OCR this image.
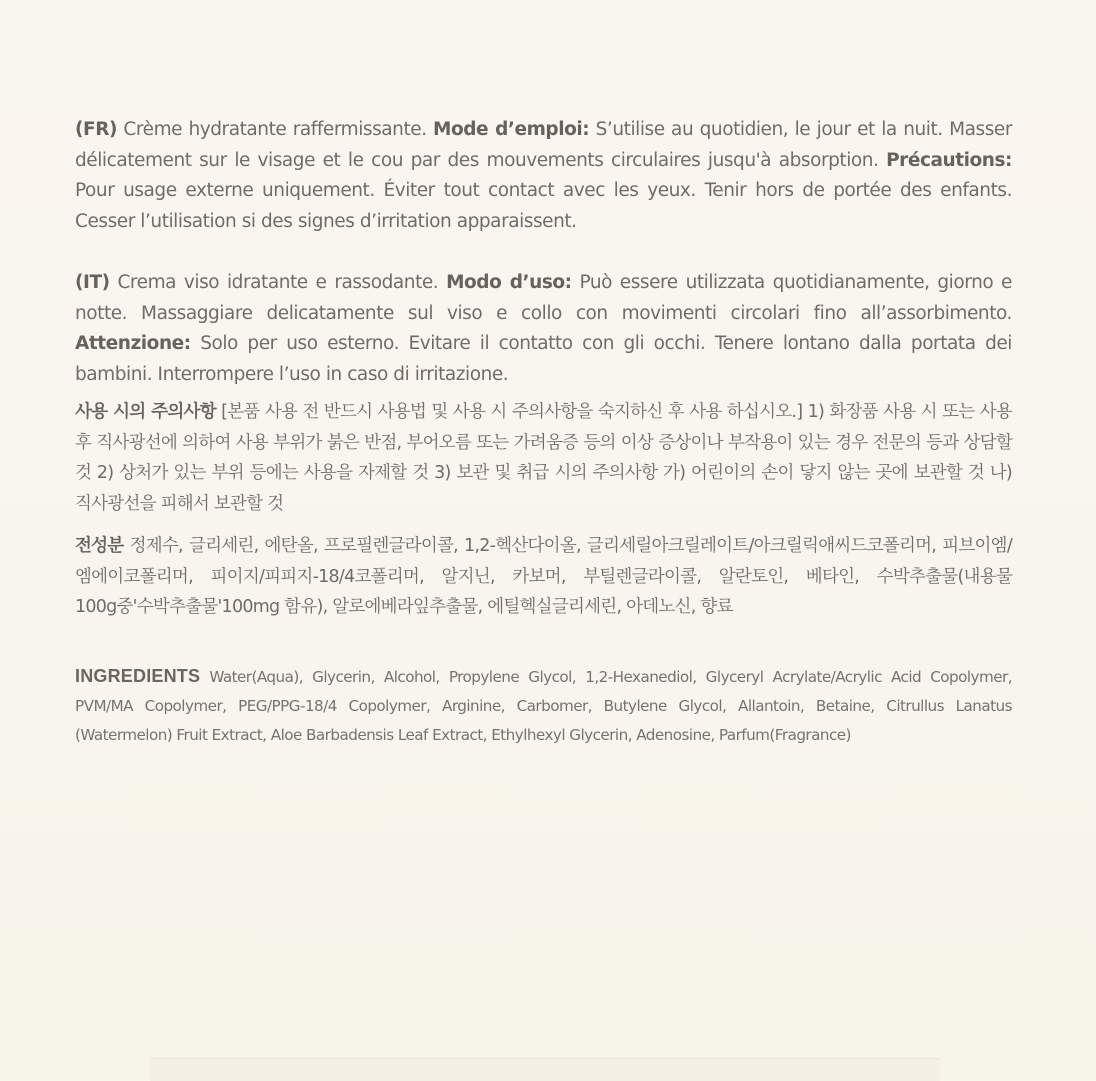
(FR) Crème hydratante raffermissante. Mode d’emploi: S’utilise au quotidien, le jour et la nuit. Masser délicatement sur le visage et le cou par des mouvements circulaires jusqu'à absorption. Précautions: Pour usage externe uniquement. Éviter tout contact avec les yeux. Tenir hors de portée des enfants. Cesser l’utilisation si des signes d’irritation apparaissent.

(IT) Crema viso idratante e rassodante. Modo d’uso: Può essere utilizzata quotidianamente, giorno e notte. Massaggiare delicatamente sul viso e collo con movimenti circolari fino all’assorbimento. Attenzione: Solo per uso esterno. Evitare il contatto con gli occhi. Tenere lontano dalla portata dei bambini. Interrompere l’uso in caso di irritazione.

사용 시의 주의사항 [본품 사용 전 반드시 사용법 및 사용 시 주의사항을 숙지하신 후 사용 하십시오.] 1) 화장품 사용 시 또는 사용 후 직사광선에 의하여 사용 부위가 붉은 반점, 부어오름 또는 가려움증 등의 이상 증상이나 부작용이 있는 경우 전문의 등과 상담할 것 2) 상처가 있는 부위 등에는 사용을 자제할 것 3) 보관 및 취급 시의 주의사항 가) 어린이의 손이 닿지 않는 곳에 보관할 것 나) 직사광선을 피해서 보관할 것

전성분 정제수, 글리세린, 에탄올, 프로필렌글라이콜, 1,2-헥산다이올, 글리세릴아크릴레이트/아크릴릭애씨드코폴리머, 피브이엠/엠에이코폴리머, 피이지/피피지-18/4코폴리머, 알지닌, 카보머, 부틸렌글라이콜, 알란토인, 베타인, 수박추출물(내용물 100g중'수박추출물'100mg 함유), 알로에베라잎추출물, 에틸헥실글리세린, 아데노신, 향료

INGREDIENTS Water(Aqua), Glycerin, Alcohol, Propylene Glycol, 1,2-Hexanediol, Glyceryl Acrylate/Acrylic Acid Copolymer, PVM/MA Copolymer, PEG/PPG-18/4 Copolymer, Arginine, Carbomer, Butylene Glycol, Allantoin, Betaine, Citrullus Lanatus (Watermelon) Fruit Extract, Aloe Barbadensis Leaf Extract, Ethylhexyl Glycerin, Adenosine, Parfum(Fragrance)
